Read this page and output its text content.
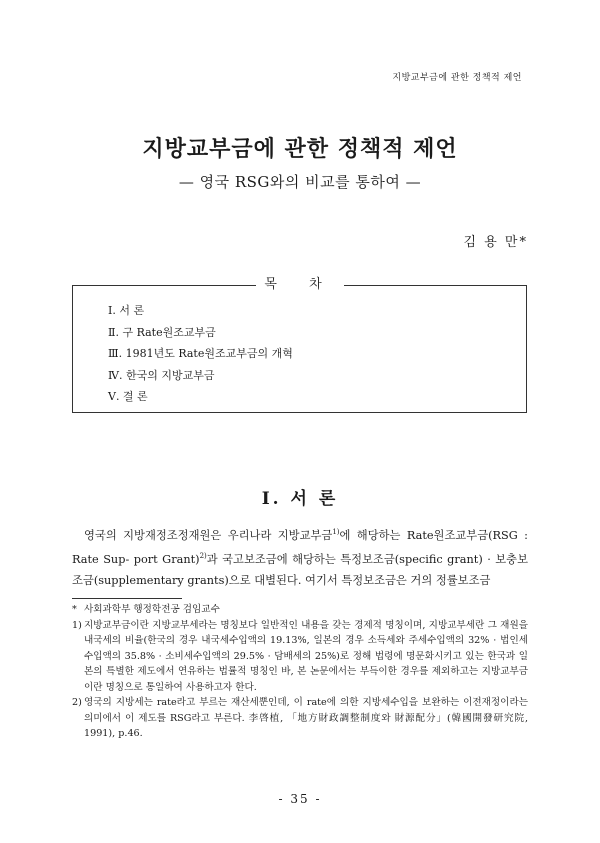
지방교부금에 관한 정책적 제언
지방교부금에 관한 정책적 제언
— 영국 RSG와의 비교를 통하여 —
김 용 만*
목 차
Ⅰ. 서 론
Ⅱ. 구 Rate원조교부금
Ⅲ. 1981년도 Rate원조교부금의 개혁
Ⅳ. 한국의 지방교부금
Ⅴ. 결 론
Ⅰ. 서 론

영국의 지방재정조정재원은 우리나라 지방교부금$^{1)}$에 해당하는 Rate원조교부금(RSG : Rate Sup- port Grant)$^{2)}$과 국고보조금에 해당하는 특정보조금(specific grant) · 보충보조금(supplementary grants)으로 대별된다. 여기서 특정보조금은 거의 정률보조금

* 사회과학부 행정학전공 검임교수
1) 지방교부금이란 지방교부세라는 명칭보다 일반적인 내용을 갖는 경제적 명칭이며, 지방교부세란 그 재원을 내국세의 비율(한국의 경우 내국세수입액의 19.13%, 일본의 경우 소득세와 주세수입액의 32% · 법인세수입액의 35.8% · 소비세수입액의 29.5% · 담배세의 25%)로 정해 법령에 명문화시키고 있는 한국과 일본의 특별한 제도에서 연유하는 법률적 명칭인 바, 본 논문에서는 부득이한 경우를 제외하고는 지방교부금이란 명칭으로 통일하여 사용하고자 한다.
2) 영국의 지방세는 rate라고 부르는 재산세뿐인데, 이 rate에 의한 지방세수입을 보완하는 이전재정이라는 의미에서 이 제도를 RSG라고 부른다. 李啓植, 「地方財政調整制度와 財源配分」(韓國開發研究院, 1991), p.46.
- 35 -
